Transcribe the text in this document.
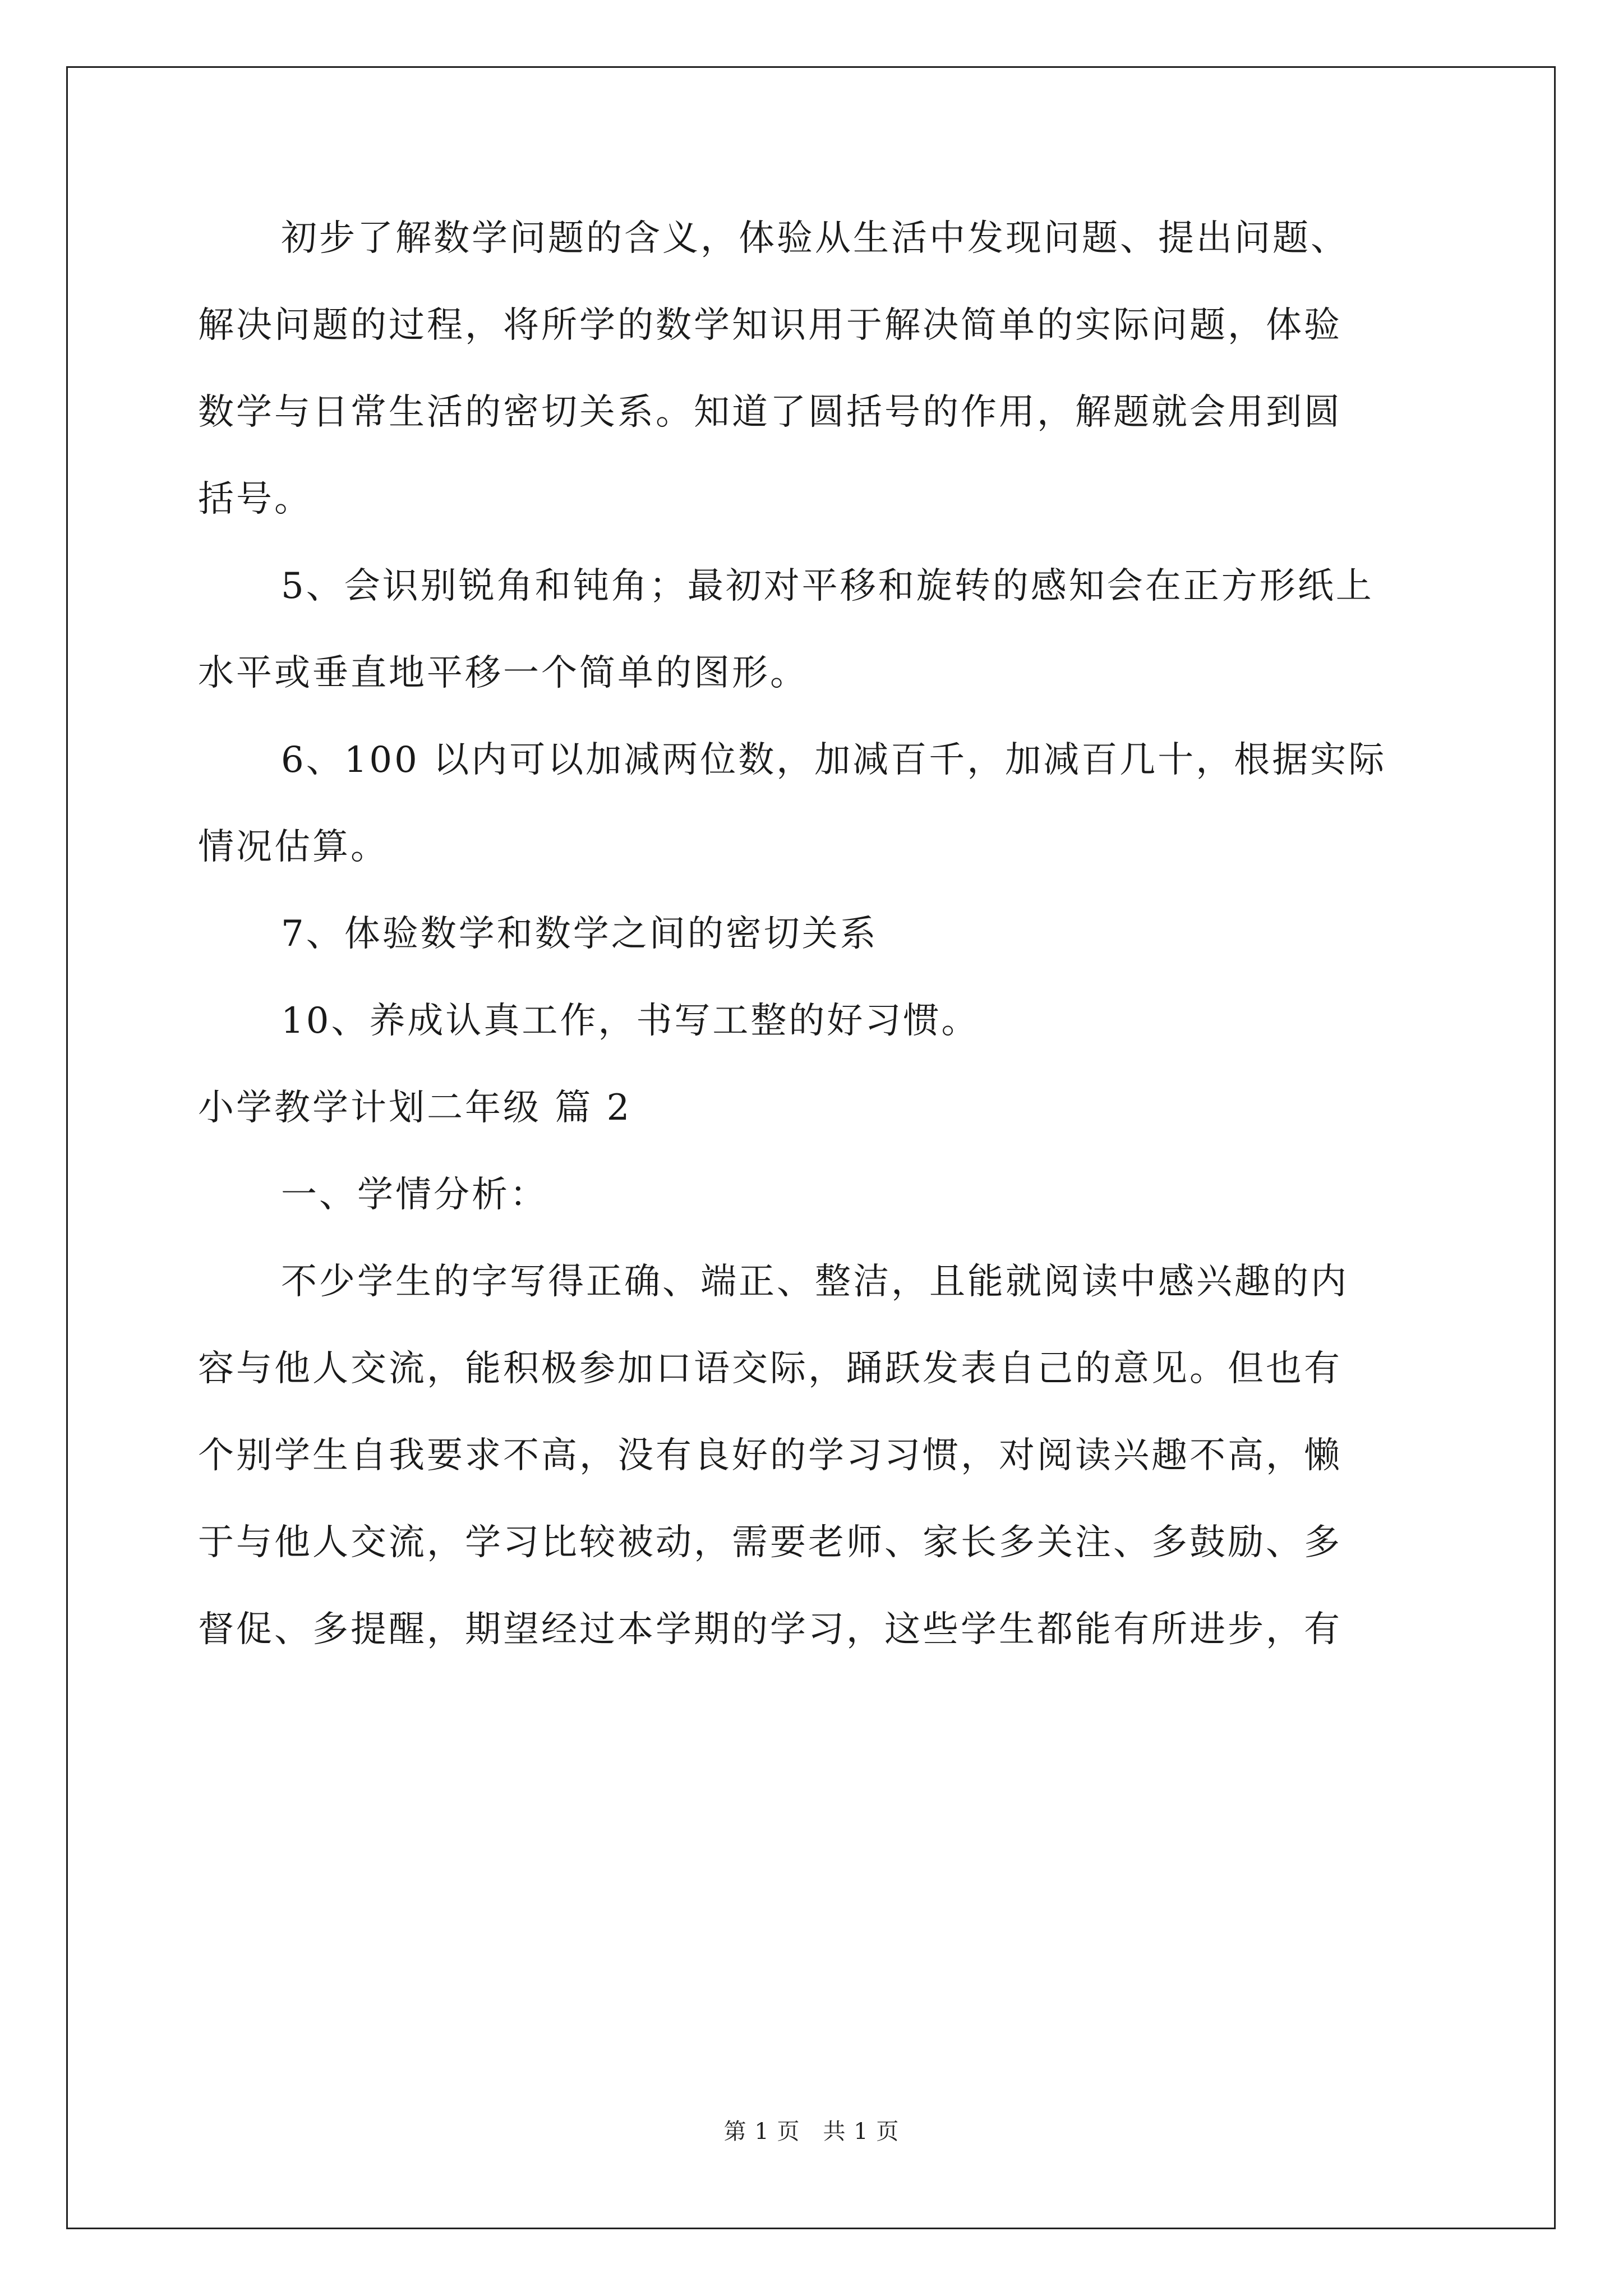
初步了解数学问题的含义，体验从生活中发现问题、提出问题、
解决问题的过程，将所学的数学知识用于解决简单的实际问题，体验
数学与日常生活的密切关系。知道了圆括号的作用，解题就会用到圆
括号。
5、会识别锐角和钝角；最初对平移和旋转的感知会在正方形纸上
水平或垂直地平移一个简单的图形。
6、100 以内可以加减两位数，加减百千，加减百几十，根据实际
情况估算。
7、体验数学和数学之间的密切关系
10、养成认真工作，书写工整的好习惯。
小学教学计划二年级 篇 2
一、学情分析：
不少学生的字写得正确、端正、整洁，且能就阅读中感兴趣的内
容与他人交流，能积极参加口语交际，踊跃发表自己的意见。但也有
个别学生自我要求不高，没有良好的学习习惯，对阅读兴趣不高，懒
于与他人交流，学习比较被动，需要老师、家长多关注、多鼓励、多
督促、多提醒，期望经过本学期的学习，这些学生都能有所进步，有
第 1 页　共 1 页
